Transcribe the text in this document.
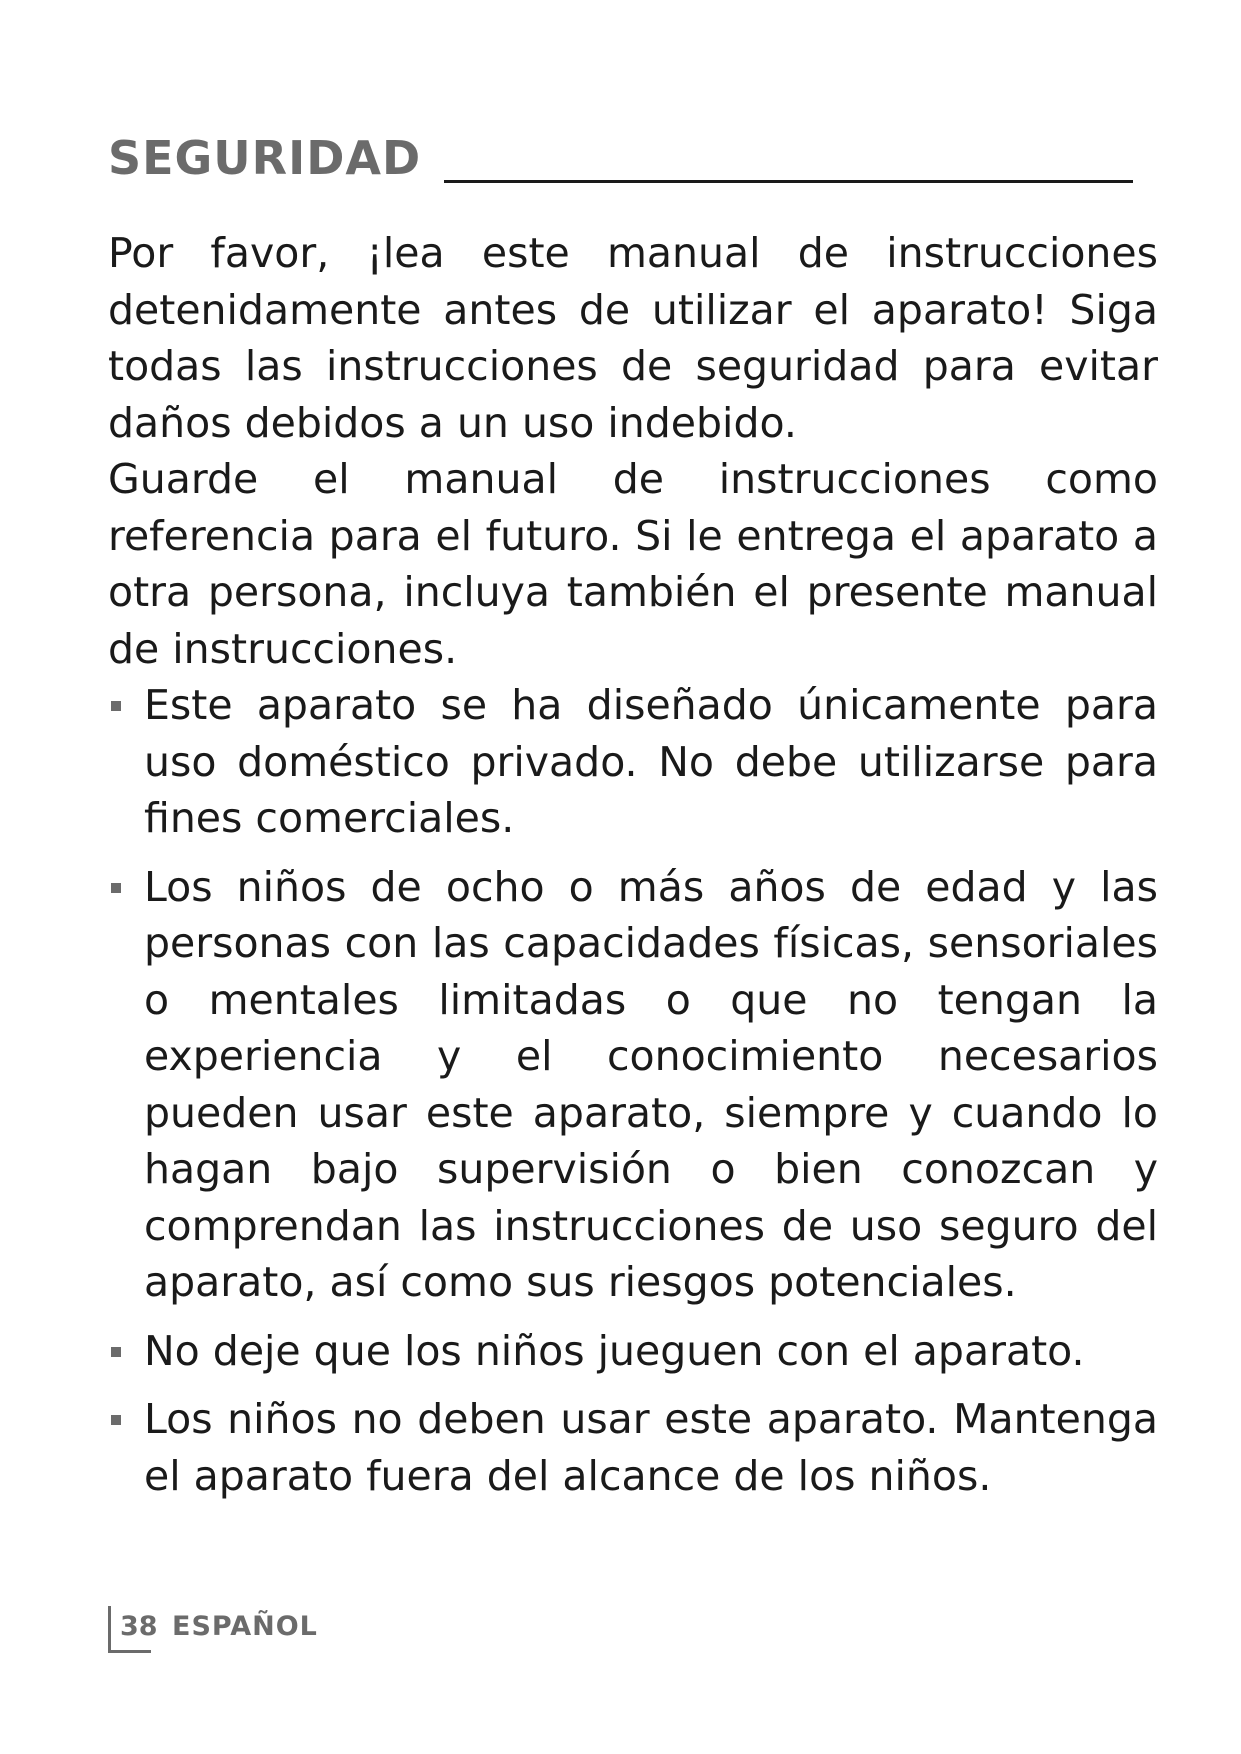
SEGURIDAD

Por favor, ¡lea este manual de instrucciones detenidamente antes de utilizar el aparato! Siga todas las instrucciones de seguridad para evitar daños debidos a un uso indebido.

Guarde el manual de instrucciones como referencia para el futuro. Si le entrega el aparato a otra persona, incluya también el presente manual de instrucciones.

Este aparato se ha diseñado únicamente para uso doméstico privado. No debe utilizarse para fines comerciales.
Los niños de ocho o más años de edad y las personas con las capacidades físicas, sensoriales o mentales limitadas o que no tengan la experiencia y el conocimiento necesarios pueden usar este aparato, siempre y cuando lo hagan bajo supervisión o bien conozcan y comprendan las instrucciones de uso seguro del aparato, así como sus riesgos potenciales.
No deje que los niños jueguen con el aparato.
Los niños no deben usar este aparato. Mantenga el aparato fuera del alcance de los niños.
38 ESPAÑOL
